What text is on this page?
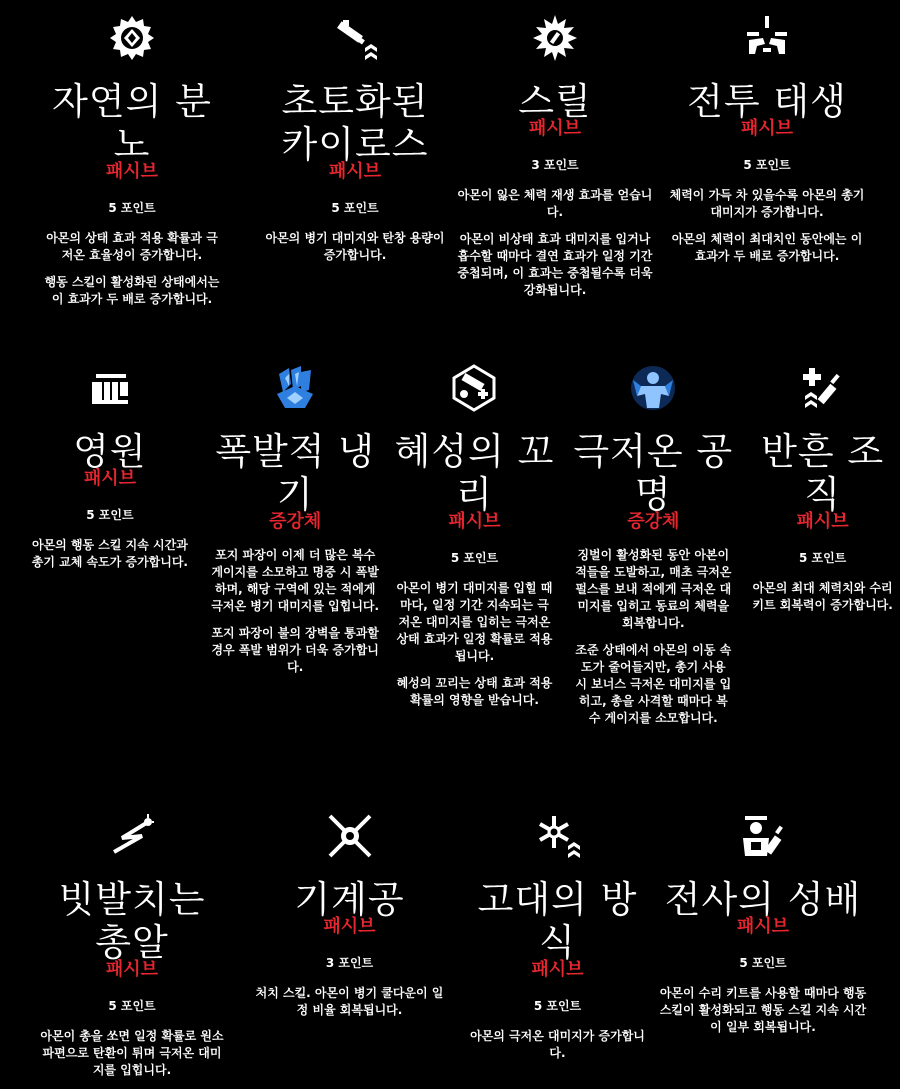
자연의 분노
패시브
5 포인트

아몬의 상태 효과 적용 확률과 극저온 효율성이 증가합니다.

행동 스킬이 활성화된 상태에서는 이 효과가 두 배로 증가합니다.

초토화된 카이로스
패시브
5 포인트

아몬의 병기 대미지와 탄창 용량이 증가합니다.

스릴
패시브
3 포인트

아몬이 잃은 체력 재생 효과를 얻습니다.

아몬이 비상태 효과 대미지를 입거나 흡수할 때마다 결연 효과가 일정 기간 중첩되며, 이 효과는 중첩될수록 더욱 강화됩니다.

전투 태생
패시브
5 포인트

체력이 가득 차 있을수록 아몬의 총기 대미지가 증가합니다.

아몬의 체력이 최대치인 동안에는 이 효과가 두 배로 증가합니다.

영원
패시브
5 포인트

아몬의 행동 스킬 지속 시간과 총기 교체 속도가 증가합니다.

폭발적 냉기
증강체

포지 파장이 이제 더 많은 복수 게이지를 소모하고 명중 시 폭발하며, 해당 구역에 있는 적에게 극저온 병기 대미지를 입힙니다.

포지 파장이 불의 장벽을 통과할 경우 폭발 범위가 더욱 증가합니다.

혜성의 꼬리
패시브
5 포인트

아몬이 병기 대미지를 입힐 때마다, 일정 기간 지속되는 극저온 대미지를 입히는 극저온 상태 효과가 일정 확률로 적용됩니다.

혜성의 꼬리는 상태 효과 적용 확률의 영향을 받습니다.

극저온 공명
증강체

징벌이 활성화된 동안 아본이 적들을 도발하고, 매초 극저온 펄스를 보내 적에게 극저온 대미지를 입히고 동료의 체력을 회복합니다.

조준 상태에서 아몬의 이동 속도가 줄어들지만, 총기 사용 시 보너스 극저온 대미지를 입히고, 총을 사격할 때마다 복수 게이지를 소모합니다.

반흔 조직
패시브
5 포인트

아몬의 최대 체력치와 수리 키트 회복력이 증가합니다.

빗발치는 총알
패시브
5 포인트

아몬이 총을 쏘면 일정 확률로 원소 파편으로 탄환이 튀며 극저온 대미지를 입힙니다.

기계공
패시브
3 포인트

처치 스킬. 아몬이 병기 쿨다운이 일정 비율 회복됩니다.

고대의 방식
패시브
5 포인트

아몬의 극저온 대미지가 증가합니다.

전사의 성배
패시브
5 포인트

아몬이 수리 키트를 사용할 때마다 행동 스킬이 활성화되고 행동 스킬 지속 시간이 일부 회복됩니다.
